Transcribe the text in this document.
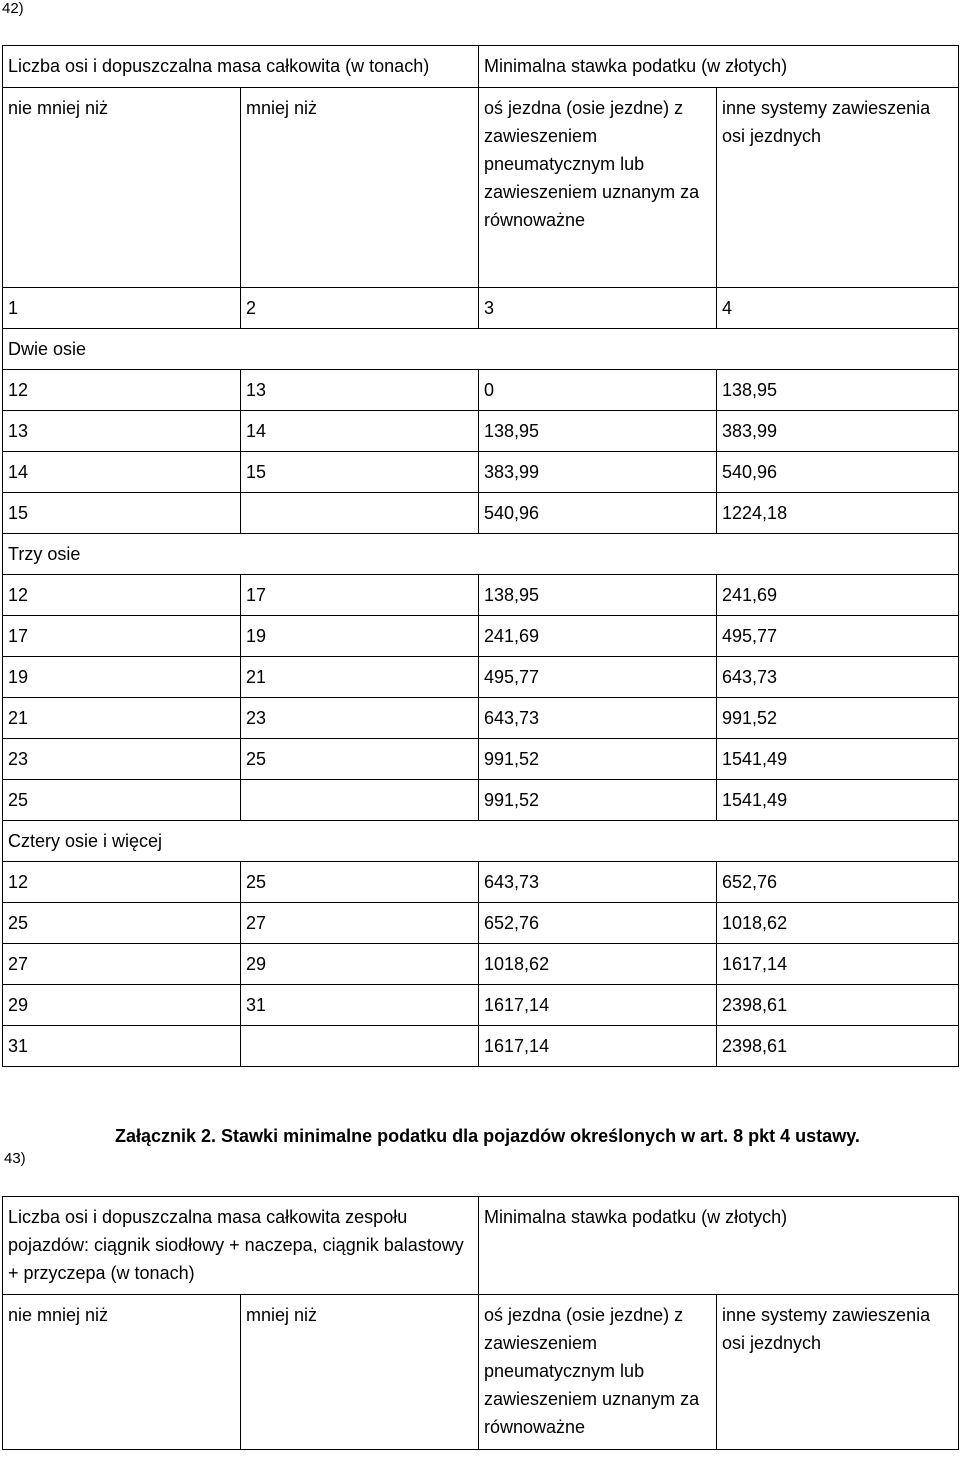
42)
Liczba osi i dopuszczalna masa całkowita (w tonach)		Minimalna stawka podatku (w złotych)	
nie mniej niż	mniej niż	oś jezdna (osie jezdne) z zawieszeniem pneumatycznym lub zawieszeniem uznanym za równoważne	inne systemy zawieszenia osi jezdnych
1	2	3	4
Dwie osie			
12	13	0	138,95
13	14	138,95	383,99
14	15	383,99	540,96
15		540,96	1224,18
Trzy osie			
12	17	138,95	241,69
17	19	241,69	495,77
19	21	495,77	643,73
21	23	643,73	991,52
23	25	991,52	1541,49
25		991,52	1541,49
Cztery osie i więcej			
12	25	643,73	652,76
25	27	652,76	1018,62
27	29	1018,62	1617,14
29	31	1617,14	2398,61
31		1617,14	2398,61
43)
Załącznik 2. Stawki minimalne podatku dla pojazdów określonych w art. 8 pkt 4 ustawy.
Liczba osi i dopuszczalna masa całkowita zespołu pojazdów: ciągnik siodłowy + naczepa, ciągnik balastowy + przyczepa (w tonach)		Minimalna stawka podatku (w złotych)	
nie mniej niż	mniej niż	oś jezdna (osie jezdne) z zawieszeniem pneumatycznym lub zawieszeniem uznanym za równoważne	inne systemy zawieszenia osi jezdnych
